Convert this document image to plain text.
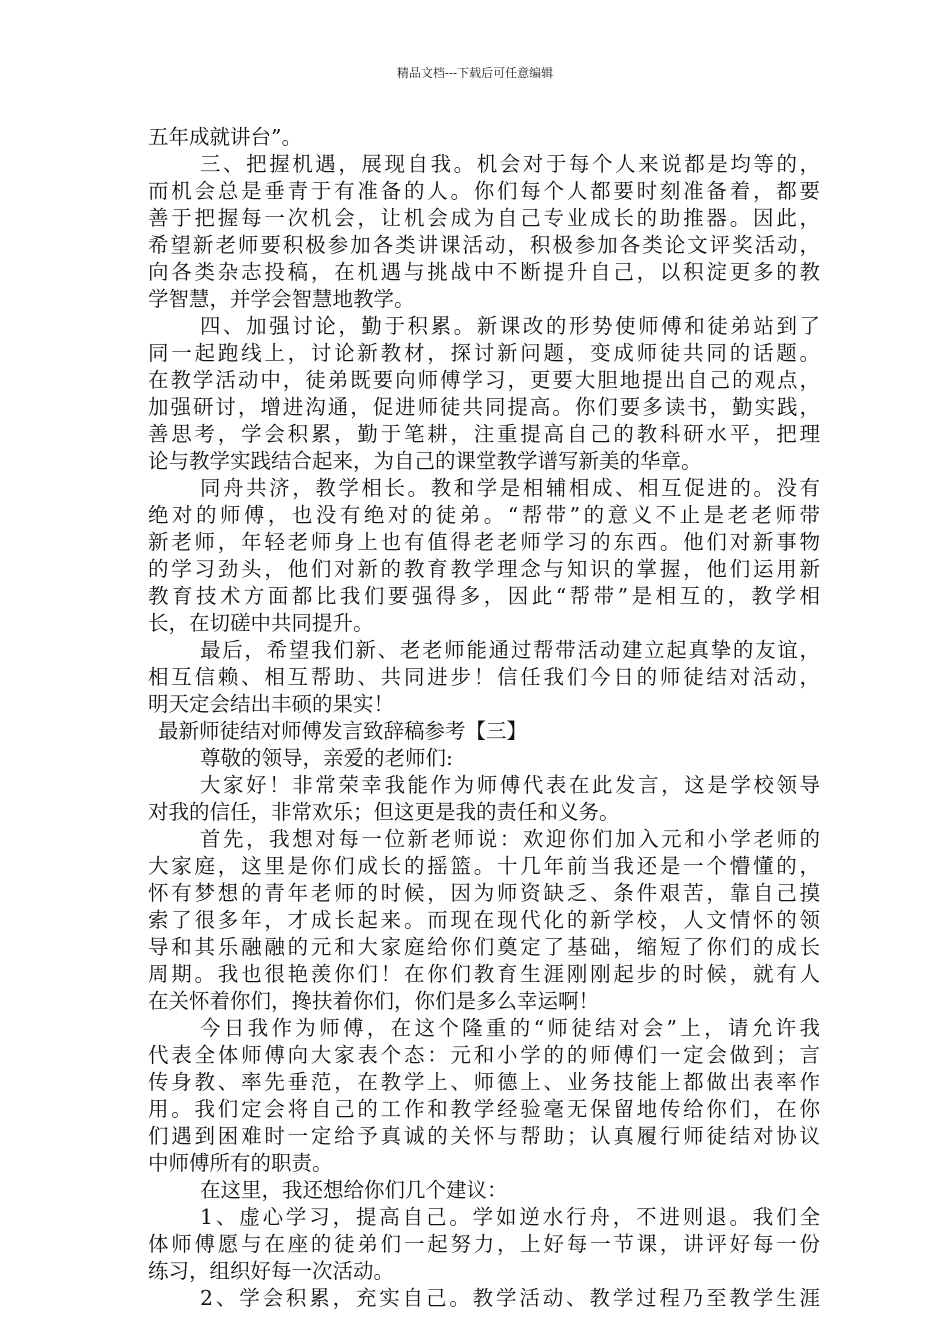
精品文档---下载后可任意编辑
五年成就讲台”。
三、把握机遇，展现自我。机会对于每个人来说都是均等的，
而机会总是垂青于有准备的人。你们每个人都要时刻准备着，都要
善于把握每一次机会，让机会成为自己专业成长的助推器。因此，
希望新老师要积极参加各类讲课活动，积极参加各类论文评奖活动，
向各类杂志投稿，在机遇与挑战中不断提升自己，以积淀更多的教
学智慧，并学会智慧地教学。
四、加强讨论，勤于积累。新课改的形势使师傅和徒弟站到了
同一起跑线上，讨论新教材，探讨新问题，变成师徒共同的话题。
在教学活动中，徒弟既要向师傅学习，更要大胆地提出自己的观点，
加强研讨，增进沟通，促进师徒共同提高。你们要多读书，勤实践，
善思考，学会积累，勤于笔耕，注重提高自己的教科研水平，把理
论与教学实践结合起来，为自己的课堂教学谱写新美的华章。
同舟共济，教学相长。教和学是相辅相成、相互促进的。没有
绝对的师傅，也没有绝对的徒弟。“帮带”的意义不止是老老师带
新老师，年轻老师身上也有值得老老师学习的东西。他们对新事物
的学习劲头，他们对新的教育教学理念与知识的掌握，他们运用新
教育技术方面都比我们要强得多，因此“帮带”是相互的，教学相
长，在切磋中共同提升。
最后，希望我们新、老老师能通过帮带活动建立起真挚的友谊，
相互信赖、相互帮助、共同进步！信任我们今日的师徒结对活动，
明天定会结出丰硕的果实！
最新师徒结对师傅发言致辞稿参考【三】
尊敬的领导，亲爱的老师们:
大家好！非常荣幸我能作为师傅代表在此发言，这是学校领导
对我的信任，非常欢乐；但这更是我的责任和义务。
首先，我想对每一位新老师说：欢迎你们加入元和小学老师的
大家庭，这里是你们成长的摇篮。十几年前当我还是一个懵懂的，
怀有梦想的青年老师的时候，因为师资缺乏、条件艰苦，靠自己摸
索了很多年，才成长起来。而现在现代化的新学校，人文情怀的领
导和其乐融融的元和大家庭给你们奠定了基础，缩短了你们的成长
周期。我也很艳羡你们！在你们教育生涯刚刚起步的时候，就有人
在关怀着你们，搀扶着你们，你们是多么幸运啊！
今日我作为师傅，在这个隆重的“师徒结对会”上，请允许我
代表全体师傅向大家表个态：元和小学的的师傅们一定会做到；言
传身教、率先垂范，在教学上、师德上、业务技能上都做出表率作
用。我们定会将自己的工作和教学经验毫无保留地传给你们，在你
们遇到困难时一定给予真诚的关怀与帮助；认真履行师徒结对协议
中师傅所有的职责。
在这里，我还想给你们几个建议：
1、虚心学习，提高自己。学如逆水行舟，不进则退。我们全
体师傅愿与在座的徒弟们一起努力，上好每一节课，讲评好每一份
练习，组织好每一次活动。
2、学会积累，充实自己。教学活动、教学过程乃至教学生涯
